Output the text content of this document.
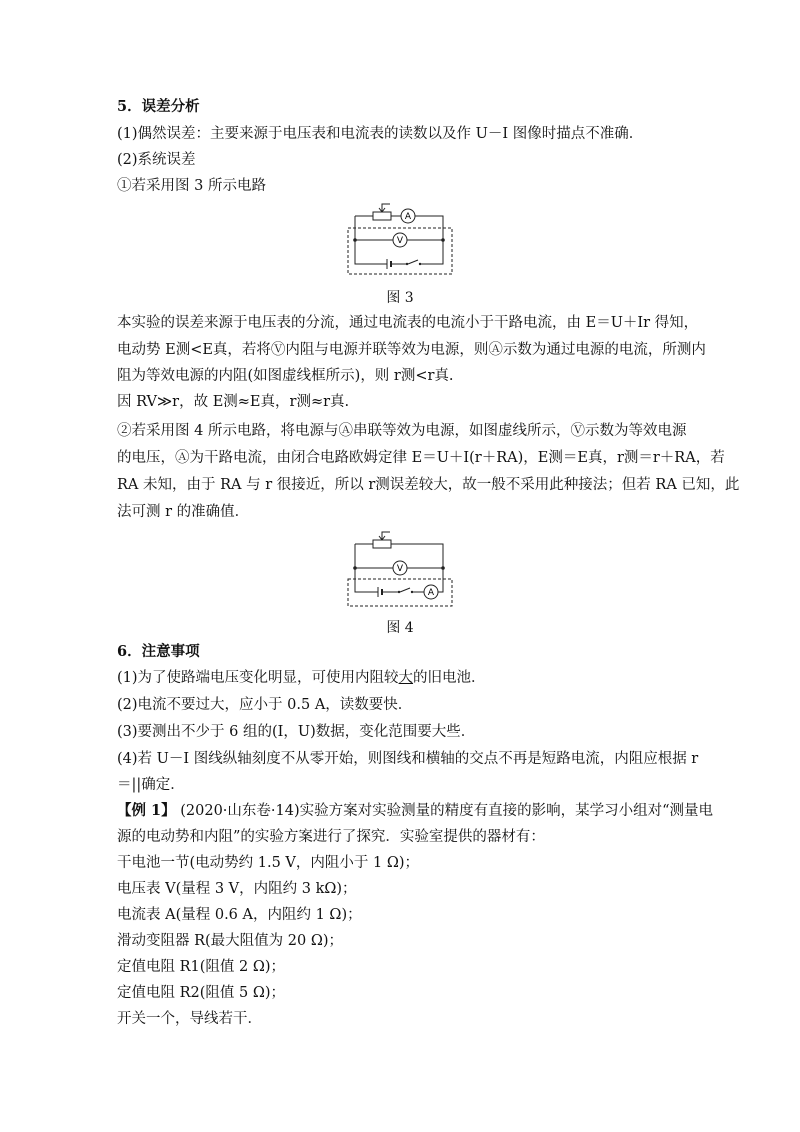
5．误差分析
(1)偶然误差：主要来源于电压表和电流表的读数以及作 U－I 图像时描点不准确．
(2)系统误差
①若采用图 3 所示电路
A
V
图 3
本实验的误差来源于电压表的分流，通过电流表的电流小于干路电流，由 E＝U＋Ir 得知，
电动势 E测<E真，若将Ⓥ内阻与电源并联等效为电源，则Ⓐ示数为通过电源的电流，所测内
阻为等效电源的内阻(如图虚线框所示)，则 r测<r真.
因 RV≫r，故 E测≈E真，r测≈r真.
②若采用图 4 所示电路，将电源与Ⓐ串联等效为电源，如图虚线所示，Ⓥ示数为等效电源
的电压，Ⓐ为干路电流，由闭合电路欧姆定律 E＝U＋I(r＋RA)，E测＝E真，r测＝r＋RA，若
RA 未知，由于 RA 与 r 很接近，所以 r测误差较大，故一般不采用此种接法；但若 RA 已知，此
法可测 r 的准确值．
V
A
图 4
6．注意事项
(1)为了使路端电压变化明显，可使用内阻较大的旧电池．
(2)电流不要过大，应小于 0.5 A，读数要快．
(3)要测出不少于 6 组的(I，U)数据，变化范围要大些．
(4)若 U－I 图线纵轴刻度不从零开始，则图线和横轴的交点不再是短路电流，内阻应根据 r
＝||确定．
【例 1】 (2020·山东卷·14)实验方案对实验测量的精度有直接的影响，某学习小组对“测量电
源的电动势和内阻”的实验方案进行了探究．实验室提供的器材有：
干电池一节(电动势约 1.5 V，内阻小于 1 Ω)；
电压表 V(量程 3 V，内阻约 3 kΩ)；
电流表 A(量程 0.6 A，内阻约 1 Ω)；
滑动变阻器 R(最大阻值为 20 Ω)；
定值电阻 R1(阻值 2 Ω)；
定值电阻 R2(阻值 5 Ω)；
开关一个，导线若干．
